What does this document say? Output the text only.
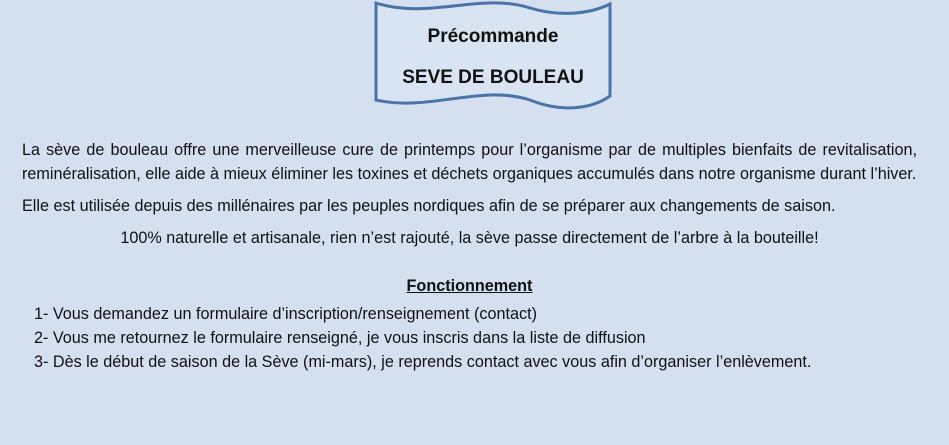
Précommande
SEVE DE BOULEAU

La sève de bouleau offre une merveilleuse cure de printemps pour l’organisme par de multiples bienfaits de revitalisation, reminéralisation, elle aide à mieux éliminer les toxines et déchets organiques accumulés dans notre organisme durant l’hiver.

Elle est utilisée depuis des millénaires par les peuples nordiques afin de se préparer aux changements de saison.

100% naturelle et artisanale, rien n’est rajouté, la sève passe directement de l’arbre à la bouteille!

Fonctionnement
1- Vous demandez un formulaire d’inscription/renseignement (contact)
2- Vous me retournez le formulaire renseigné, je vous inscris dans la liste de diffusion
3- Dès le début de saison de la Sève (mi-mars), je reprends contact avec vous afin d’organiser l’enlèvement.
